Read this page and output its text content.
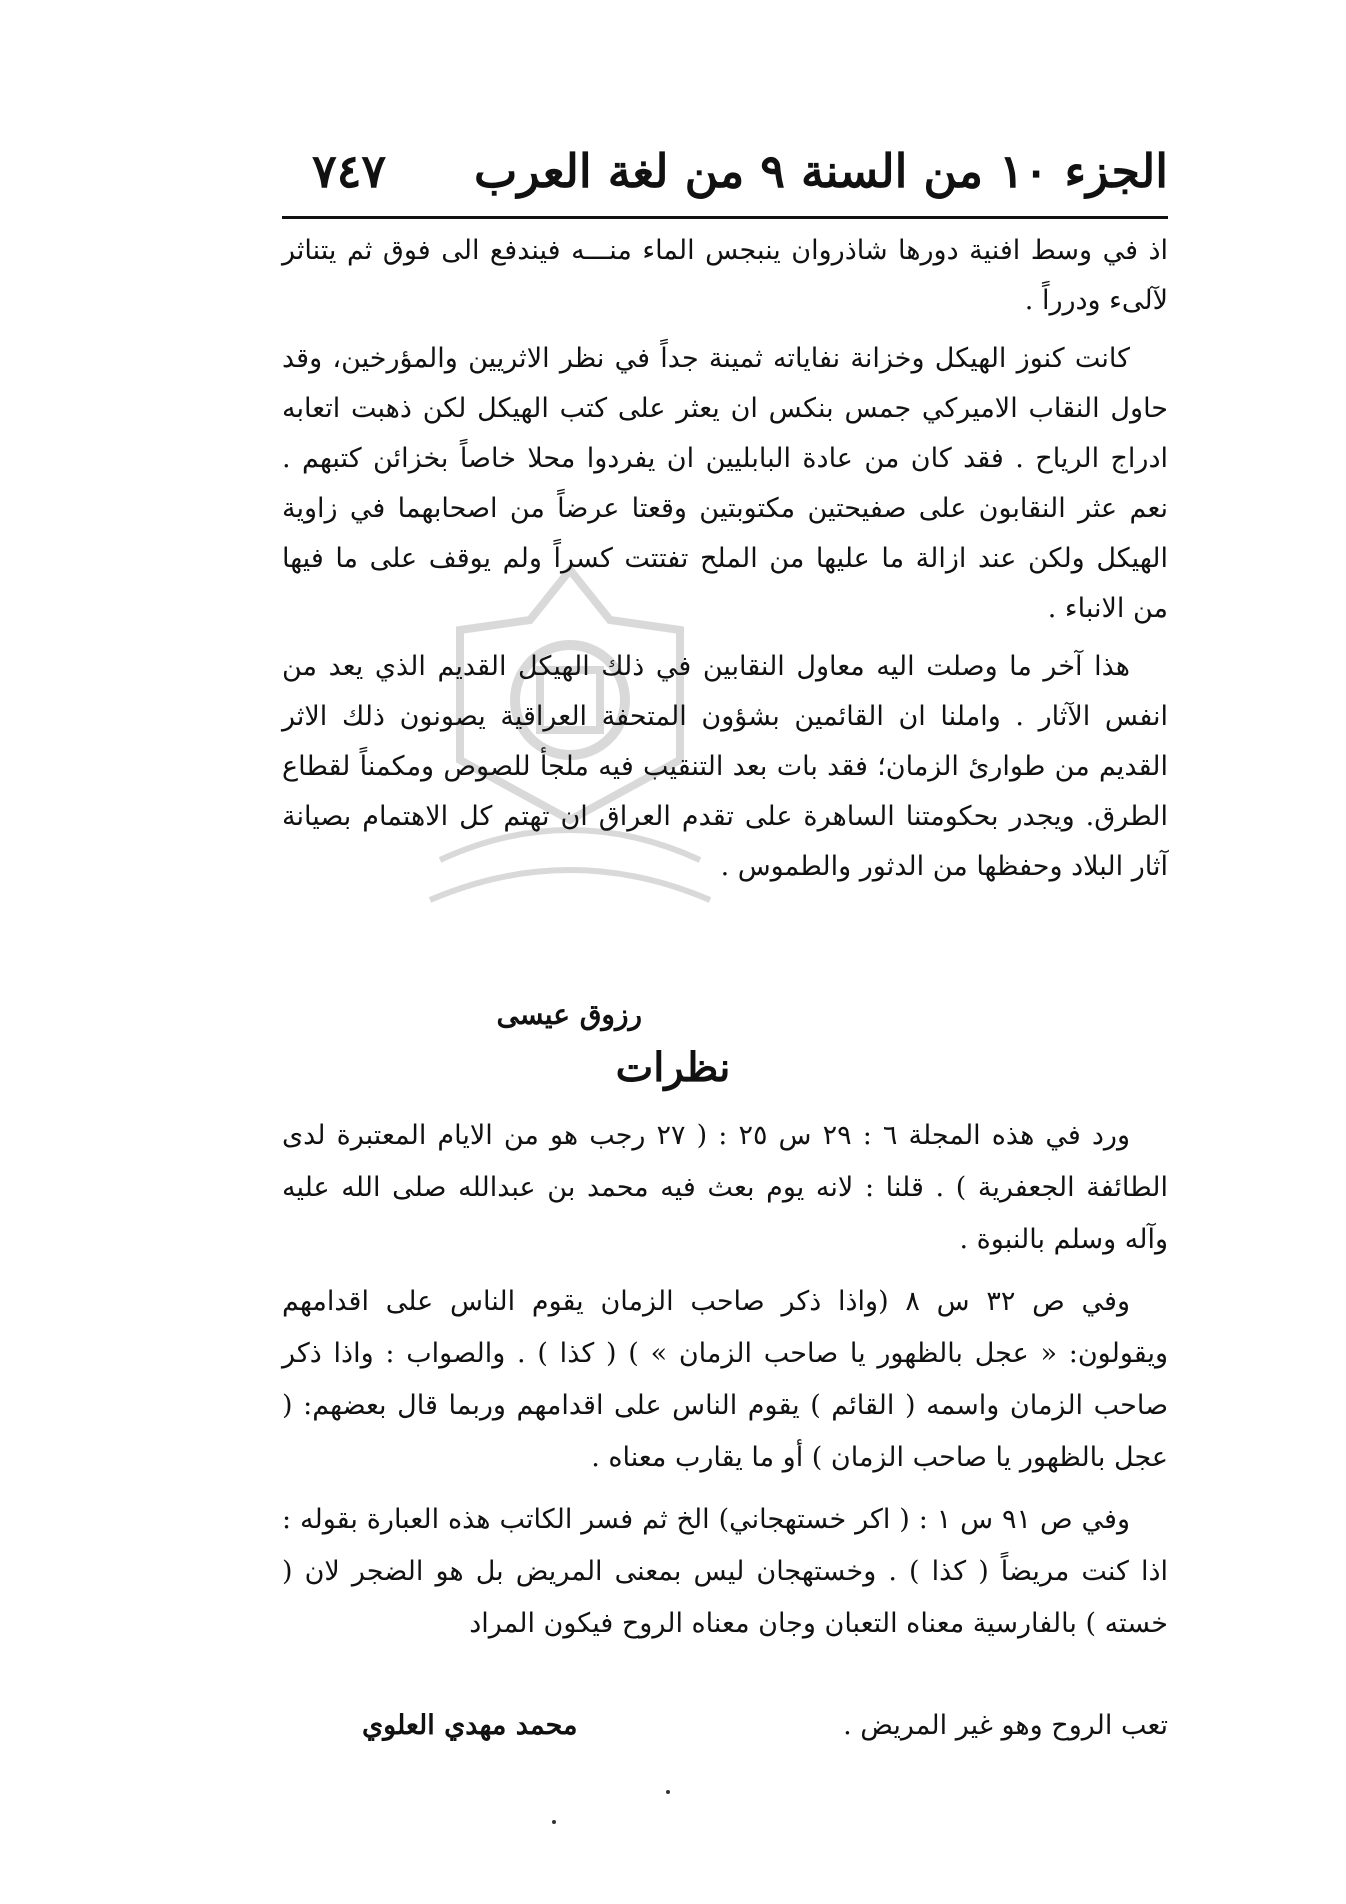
الجزء ١٠ من السنة ٩ من لغة العرب
٧٤٧

اذ في وسط افنية دورها شاذروان ينبجس الماء منـــه فيندفع الى فوق ثم يتناثر لآلىء ودرراً .

كانت كنوز الهيكل وخزانة نفاياته ثمينة جداً في نظر الاثريين والمؤرخين، وقد حاول النقاب الاميركي جمس بنكس ان يعثر على كتب الهيكل لكن ذهبت اتعابه ادراج الرياح . فقد كان من عادة البابليين ان يفردوا محلا خاصاً بخزائن كتبهم . نعم عثر النقابون على صفيحتين مكتوبتين وقعتا عرضاً من اصحابهما في زاوية الهيكل ولكن عند ازالة ما عليها من الملح تفتتت كسراً ولم يوقف على ما فيها من الانباء .

هذا آخر ما وصلت اليه معاول النقابين في ذلك الهيكل القديم الذي يعد من انفس الآثار . واملنا ان القائمين بشؤون المتحفة العراقية يصونون ذلك الاثر القديم من طوارئ الزمان؛ فقد بات بعد التنقيب فيه ملجأ للصوص ومكمناً لقطاع الطرق. ويجدر بحكومتنا الساهرة على تقدم العراق ان تهتم كل الاهتمام بصيانة آثار البلاد وحفظها من الدثور والطموس .

رزوق عيسى
نظرات

ورد في هذه المجلة ٦ : ٢٩ س ٢٥ : ( ٢٧ رجب هو من الايام المعتبرة لدى الطائفة الجعفرية ) . قلنا : لانه يوم بعث فيه محمد بن عبدالله صلى الله عليه وآله وسلم بالنبوة .

وفي ص ٣٢ س ٨ (واذا ذكر صاحب الزمان يقوم الناس على اقدامهم ويقولون: « عجل بالظهور يا صاحب الزمان » ) ( كذا ) . والصواب : واذا ذكر صاحب الزمان واسمه ( القائم ) يقوم الناس على اقدامهم وربما قال بعضهم: ( عجل بالظهور يا صاحب الزمان ) أو ما يقارب معناه .

وفي ص ٩١ س ١ : ( اكر خستهجاني) الخ ثم فسر الكاتب هذه العبارة بقوله : اذا كنت مريضاً ( كذا ) . وخستهجان ليس بمعنى المريض بل هو الضجر لان ( خسته ) بالفارسية معناه التعبان وجان معناه الروح فيكون المراد

تعب الروح وهو غير المريض .
محمد مهدي العلوي
